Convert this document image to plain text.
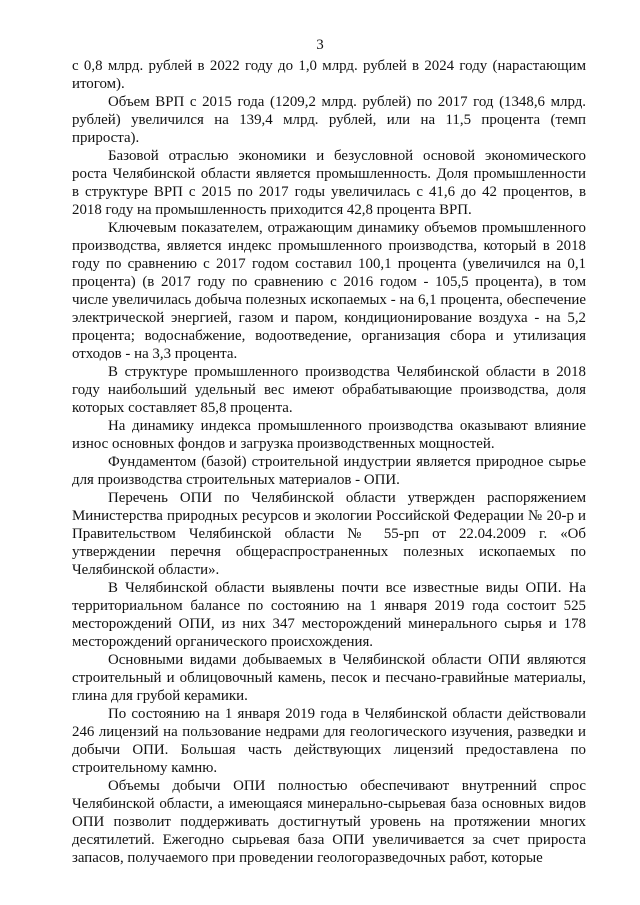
3

с 0,8 млрд. рублей в 2022 году до 1,0 млрд. рублей в 2024 году (нарастающим итогом).

Объем ВРП с 2015 года (1209,2 млрд. рублей) по 2017 год (1348,6 млрд. рублей) увеличился на 139,4 млрд. рублей, или на 11,5 процента (темп прироста).

Базовой отраслью экономики и безусловной основой экономического роста Челябинской области является промышленность. Доля промышленности в структуре ВРП с 2015 по 2017 годы увеличилась с 41,6 до 42 процентов, в 2018 году на промышленность приходится 42,8 процента ВРП.

Ключевым показателем, отражающим динамику объемов промышленного производства, является индекс промышленного производства, который в 2018 году по сравнению с 2017 годом составил 100,1 процента (увеличился на 0,1 процента) (в 2017 году по сравнению с 2016 годом - 105,5 процента), в том числе увеличилась добыча полезных ископаемых - на 6,1 процента, обеспечение электрической энергией, газом и паром, кондиционирование воздуха - на 5,2 процента; водоснабжение, водоотведение, организация сбора и утилизация отходов - на 3,3 процента.

В структуре промышленного производства Челябинской области в 2018 году наибольший удельный вес имеют обрабатывающие производства, доля которых составляет 85,8 процента.

На динамику индекса промышленного производства оказывают влияние износ основных фондов и загрузка производственных мощностей.

Фундаментом (базой) строительной индустрии является природное сырье для производства строительных материалов - ОПИ.

Перечень ОПИ по Челябинской области утвержден распоряжением Министерства природных ресурсов и экологии Российской Федерации № 20-р и Правительством Челябинской области № 55-рп от 22.04.2009 г. «Об утверждении перечня общераспространенных полезных ископаемых по Челябинской области».

В Челябинской области выявлены почти все известные виды ОПИ. На территориальном балансе по состоянию на 1 января 2019 года состоит 525 месторождений ОПИ, из них 347 месторождений минерального сырья и 178 месторождений органического происхождения.

Основными видами добываемых в Челябинской области ОПИ являются строительный и облицовочный камень, песок и песчано-гравийные материалы, глина для грубой керамики.

По состоянию на 1 января 2019 года в Челябинской области действовали 246 лицензий на пользование недрами для геологического изучения, разведки и добычи ОПИ. Большая часть действующих лицензий предоставлена по строительному камню.

Объемы добычи ОПИ полностью обеспечивают внутренний спрос Челябинской области, а имеющаяся минерально-сырьевая база основных видов ОПИ позволит поддерживать достигнутый уровень на протяжении многих десятилетий. Ежегодно сырьевая база ОПИ увеличивается за счет прироста запасов, получаемого при проведении геологоразведочных работ, которые
